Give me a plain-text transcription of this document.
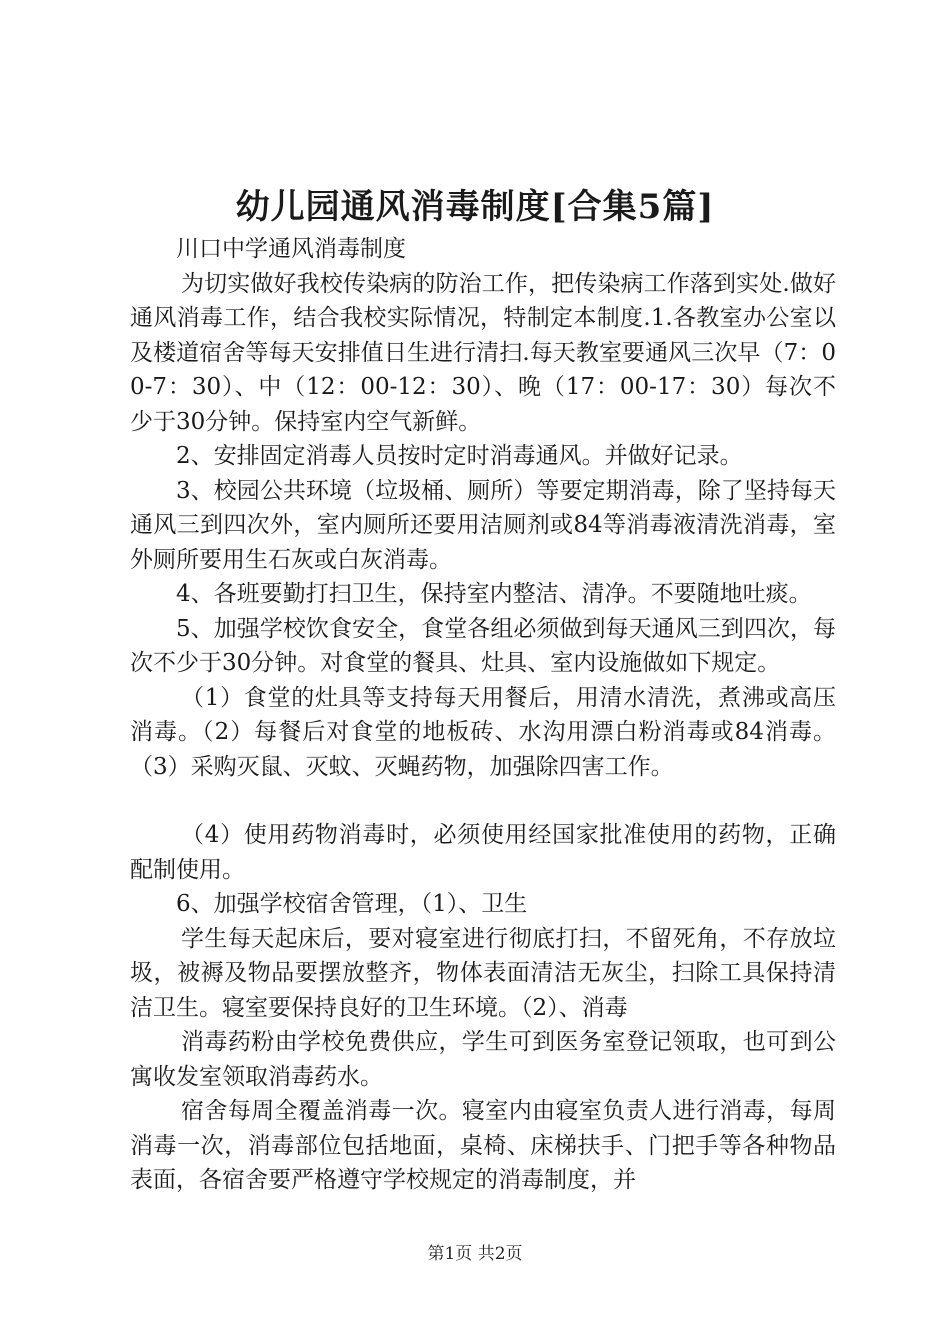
幼儿园通风消毒制度[合集5篇]

川口中学通风消毒制度

为切实做好我校传染病的防治工作，把传染病工作落到实处.做好通风消毒工作，结合我校实际情况，特制定本制度.1.各教室办公室以及楼道宿舍等每天安排值日生进行清扫.每天教室要通风三次早（7：00-7：30）、中（12：00-12：30）、晚（17：00-17：30）每次不少于30分钟。保持室内空气新鲜。

2、安排固定消毒人员按时定时消毒通风。并做好记录。

3、校园公共环境（垃圾桶、厕所）等要定期消毒，除了坚持每天通风三到四次外，室内厕所还要用洁厕剂或84等消毒液清洗消毒，室外厕所要用生石灰或白灰消毒。

4、各班要勤打扫卫生，保持室内整洁、清净。不要随地吐痰。

5、加强学校饮食安全，食堂各组必须做到每天通风三到四次，每次不少于30分钟。对食堂的餐具、灶具、室内设施做如下规定。

（1）食堂的灶具等支持每天用餐后，用清水清洗，煮沸或高压消毒。（2）每餐后对食堂的地板砖、水沟用漂白粉消毒或84消毒。（3）采购灭鼠、灭蚊、灭蝇药物，加强除四害工作。

（4）使用药物消毒时，必须使用经国家批准使用的药物，正确配制使用。

6、加强学校宿舍管理，（1）、卫生

学生每天起床后，要对寝室进行彻底打扫，不留死角，不存放垃圾，被褥及物品要摆放整齐，物体表面清洁无灰尘，扫除工具保持清洁卫生。寝室要保持良好的卫生环境。（2）、消毒

消毒药粉由学校免费供应，学生可到医务室登记领取，也可到公寓收发室领取消毒药水。

宿舍每周全覆盖消毒一次。寝室内由寝室负责人进行消毒，每周消毒一次，消毒部位包括地面，桌椅、床梯扶手、门把手等各种物品表面，各宿舍要严格遵守学校规定的消毒制度，并

第1页 共2页
